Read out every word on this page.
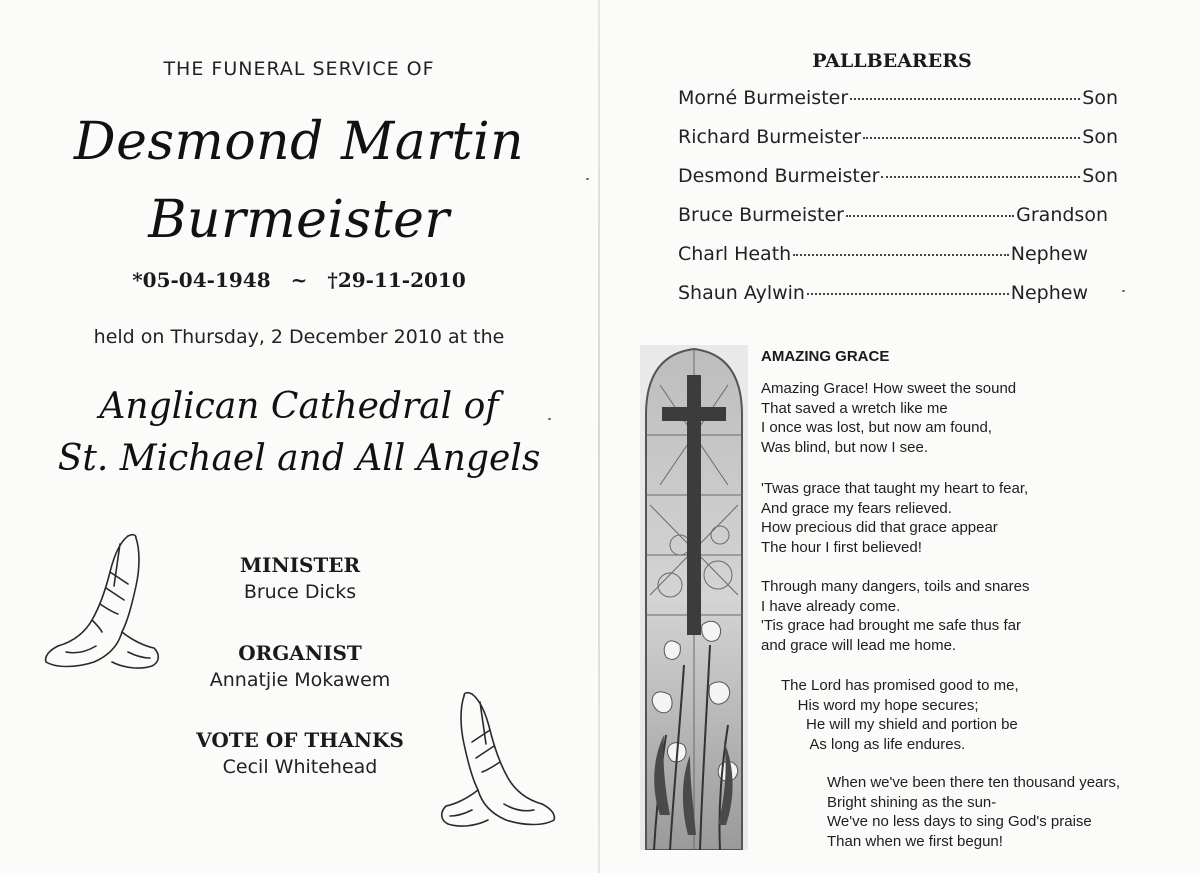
THE FUNERAL SERVICE OF
Desmond Martin
Burmeister
*05-04-1948 ~ †29-11-2010
held on Thursday, 2 December 2010 at the
Anglican Cathedral of
St. Michael and All Angels
MINISTER
Bruce Dicks
ORGANIST
Annatjie Mokawem
VOTE OF THANKS
Cecil Whitehead
PALLBEARERS
Morné Burmeister	Son
Richard Burmeister	Son
Desmond Burmeister	Son
Bruce Burmeister	Grandson
Charl Heath	Nephew
Shaun Aylwin	Nephew
AMAZING GRACE
Amazing Grace! How sweet the sound
That saved a wretch like me
I once was lost, but now am found,
Was blind, but now I see.
'Twas grace that taught my heart to fear,
And grace my fears relieved.
How precious did that grace appear
The hour I first believed!
Through many dangers, toils and snares
I have already come.
'Tis grace had brought me safe thus far
and grace will lead me home.
The Lord has promised good to me,
His word my hope secures;
He will my shield and portion be
As long as life endures.
When we've been there ten thousand years,
Bright shining as the sun-
We've no less days to sing God's praise
Than when we first begun!
